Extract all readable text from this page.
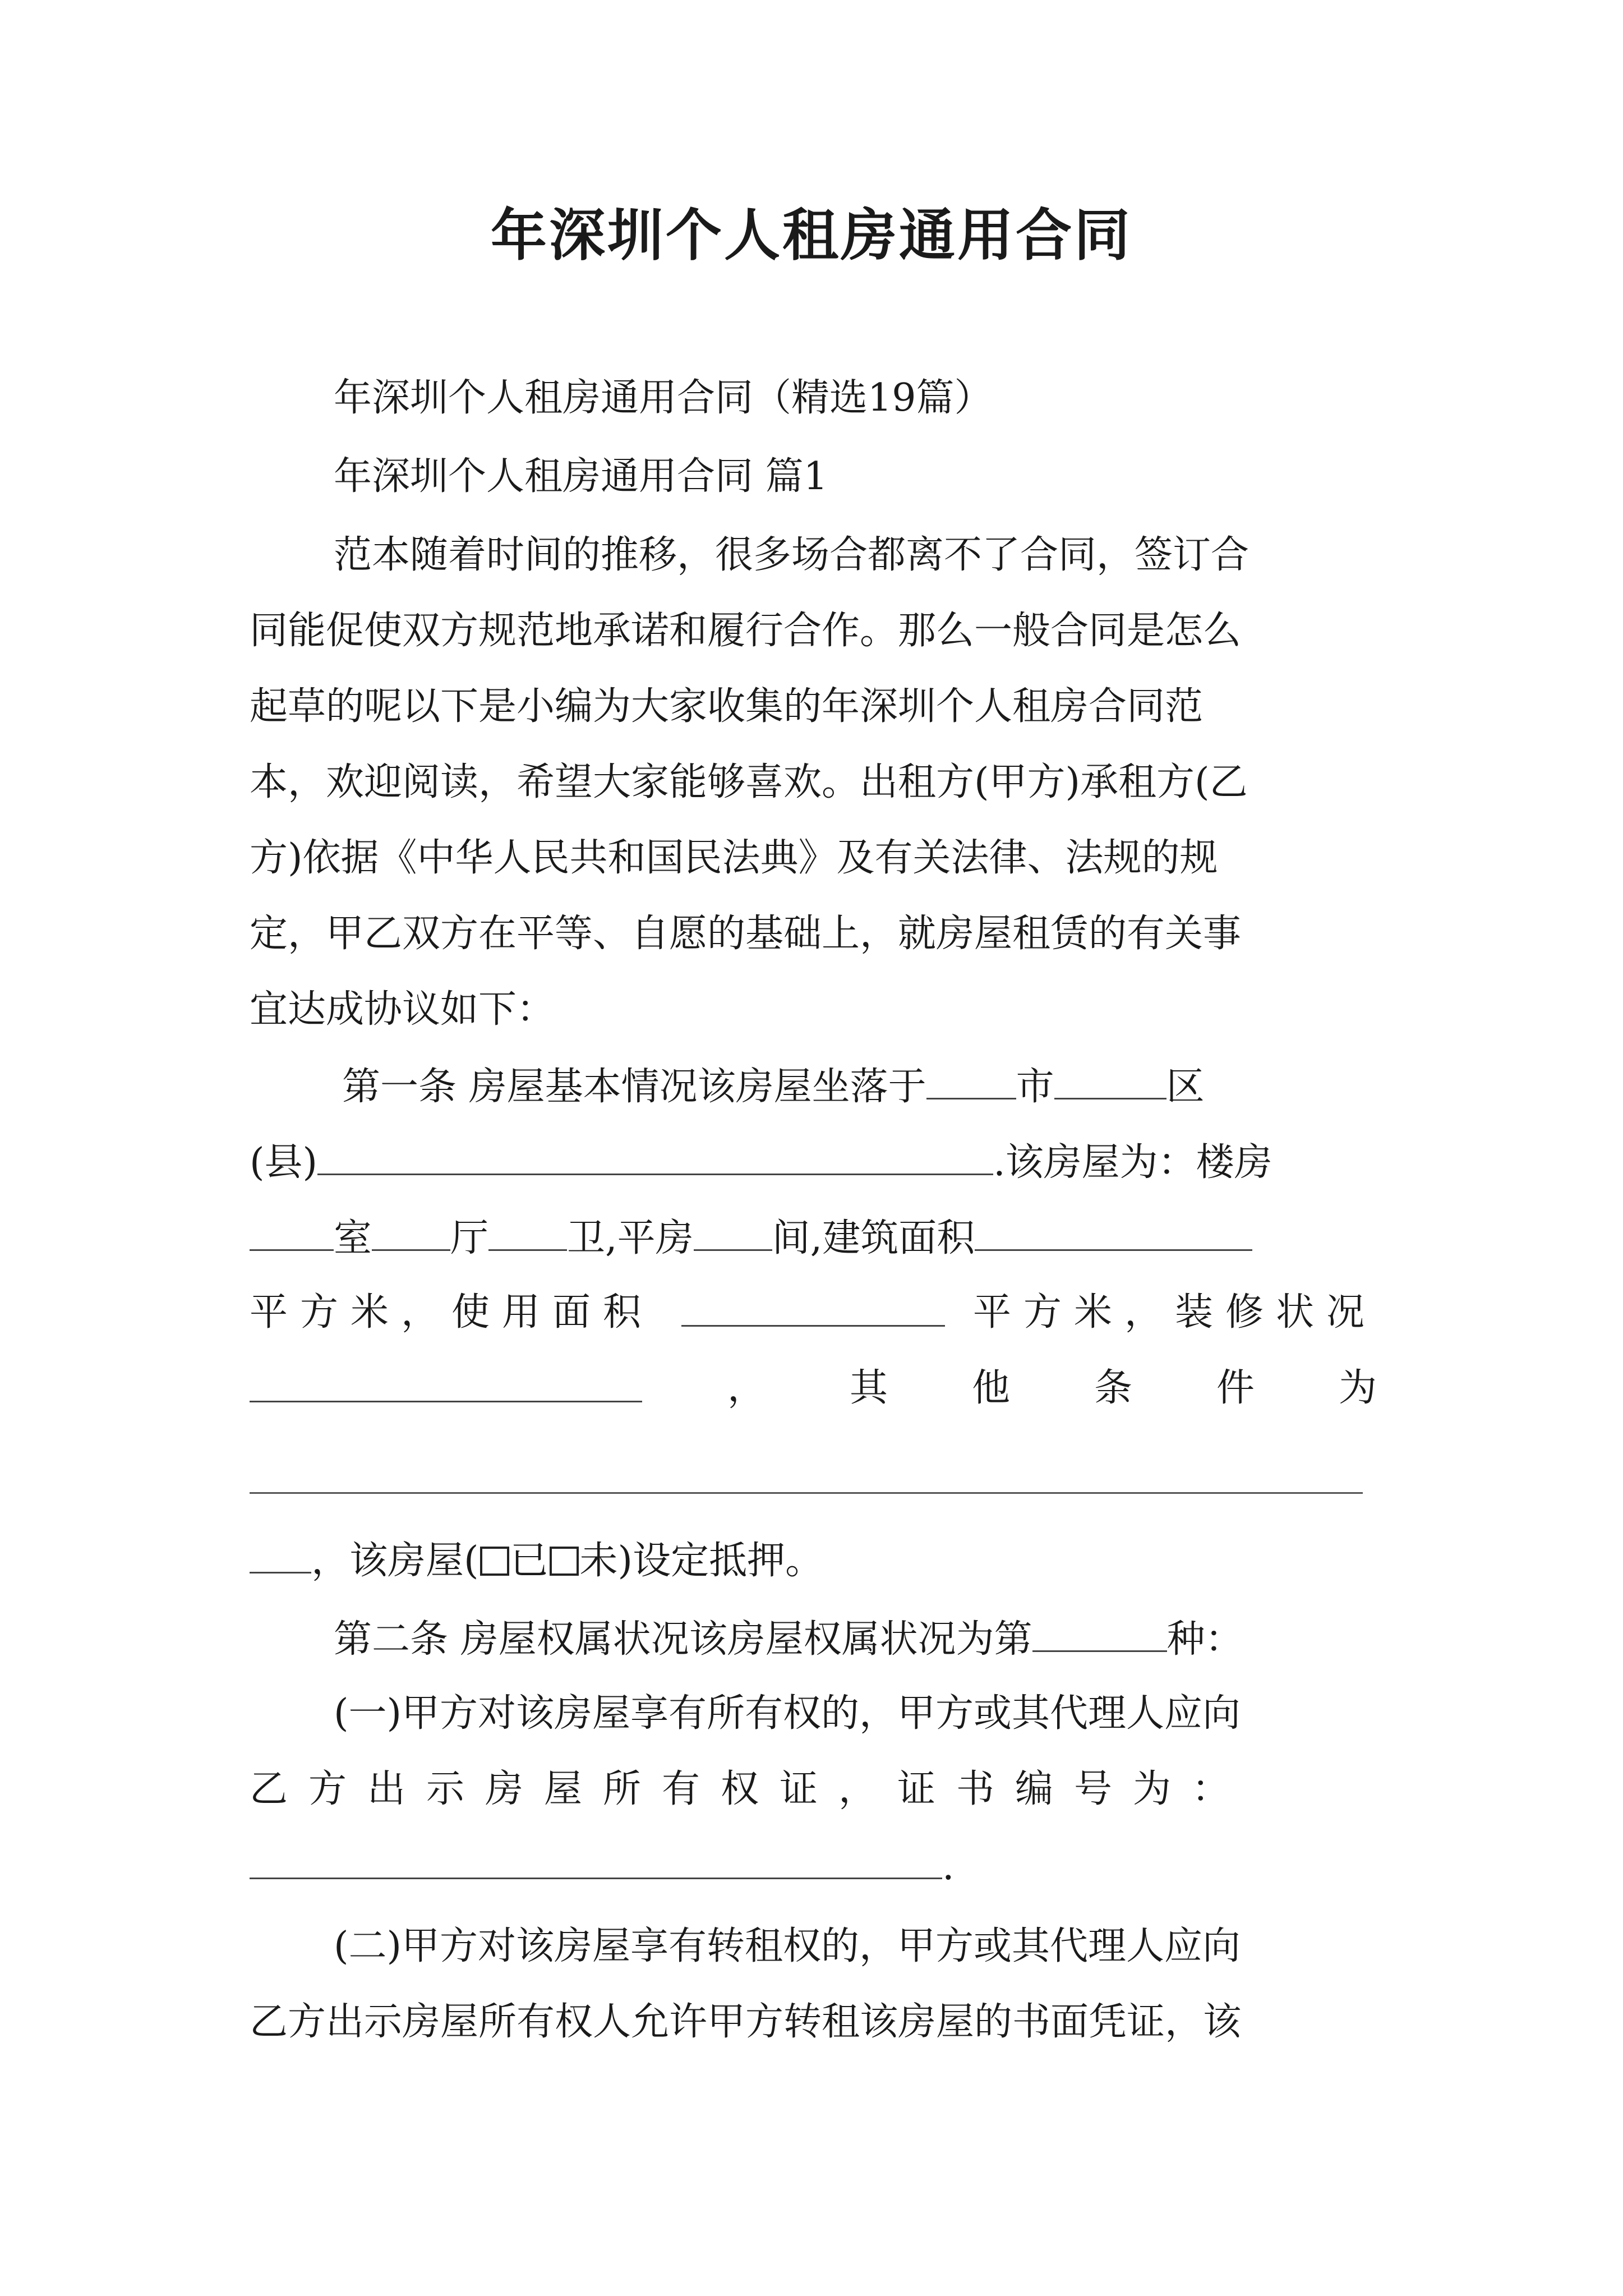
年深圳个人租房通用合同

年深圳个人租房通用合同（精选19篇）

年深圳个人租房通用合同 篇1

范本随着时间的推移，很多场合都离不了合同，签订合

同能促使双方规范地承诺和履行合作。那么一般合同是怎么

起草的呢以下是小编为大家收集的年深圳个人租房合同范

本，欢迎阅读，希望大家能够喜欢。出租方(甲方)承租方(乙

方)依据《中华人民共和国民法典》及有关法律、法规的规

定，甲乙双方在平等、自愿的基础上，就房屋租赁的有关事

宜达成协议如下：

第一条 房屋基本情况该房屋坐落于 市	区

(县)	.该房屋为：楼房

室 厅 卫,平房 间,建筑面积

平方米，使用面积	平方米，装修状况

，其他条件为

，该房屋( 已 未)设定抵押。

第二条 房屋权属状况该房屋权属状况为第	种：

(一)甲方对该房屋享有所有权的，甲方或其代理人应向

乙方出示房屋所有权证，证书编号为：

.

(二)甲方对该房屋享有转租权的，甲方或其代理人应向

乙方出示房屋所有权人允许甲方转租该房屋的书面凭证，该
